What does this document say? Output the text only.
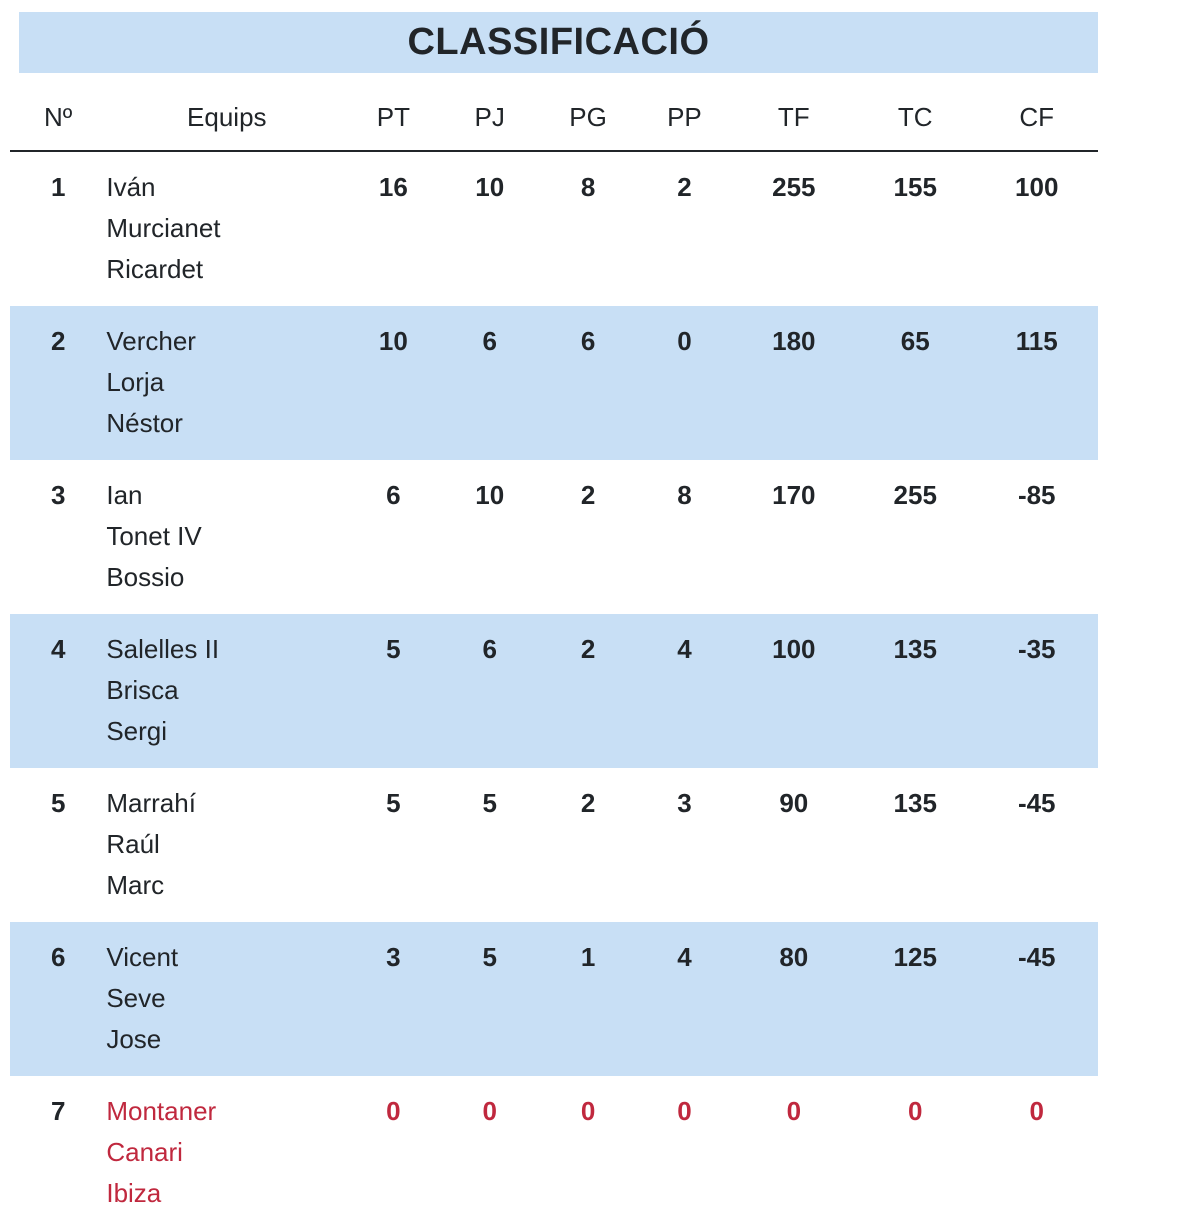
CLASSIFICACIÓ
Nº	Equips	PT	PJ	PG	PP	TF	TC	CF
1	Iván
Murcianet
Ricardet	16	10	8	2	255	155	100
2	Vercher
Lorja
Néstor	10	6	6	0	180	65	115
3	Ian
Tonet IV
Bossio	6	10	2	8	170	255	-85
4	Salelles II
Brisca
Sergi	5	6	2	4	100	135	-35
5	Marrahí
Raúl
Marc	5	5	2	3	90	135	-45
6	Vicent
Seve
Jose	3	5	1	4	80	125	-45
7	Montaner
Canari
Ibiza	0	0	0	0	0	0	0
